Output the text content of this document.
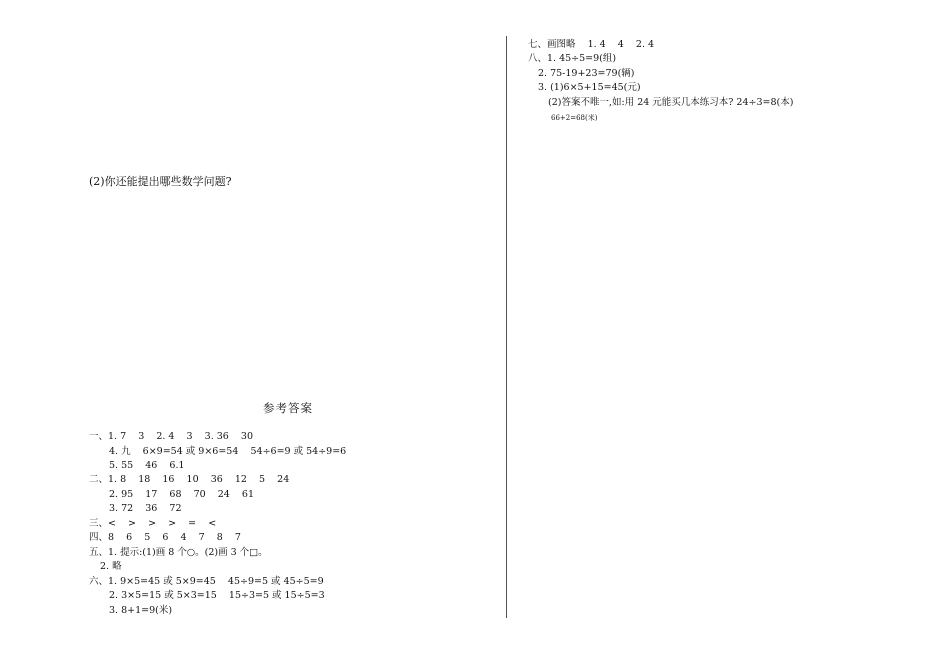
(2)你还能提出哪些数学问题?
参考答案
一、1. 7    3    2. 4    3    3. 36    30
4. 九    6×9=54 或 9×6=54    54÷6=9 或 54÷9=6
5. 55    46    6.1
二、1. 8    18    16    10    36    12    5    24
2. 95    17    68    70    24    61
3. 72    36    72
三、<    >    >    >    =    <
四、8    6    5    6    4    7    8    7
五、1. 提示:(1)画 8 个○。(2)画 3 个□。
2. 略
六、1. 9×5=45 或 5×9=45    45÷9=5 或 45÷5=9
2. 3×5=15 或 5×3=15    15÷3=5 或 15÷5=3
3. 8+1=9(米)
七、画图略    1. 4    4    2. 4
八、1. 45÷5=9(组)
2. 75-19+23=79(辆)
3. (1)6×5+15=45(元)
(2)答案不唯一,如:用 24 元能买几本练习本? 24÷3=8(本)
66+2=68(米)
